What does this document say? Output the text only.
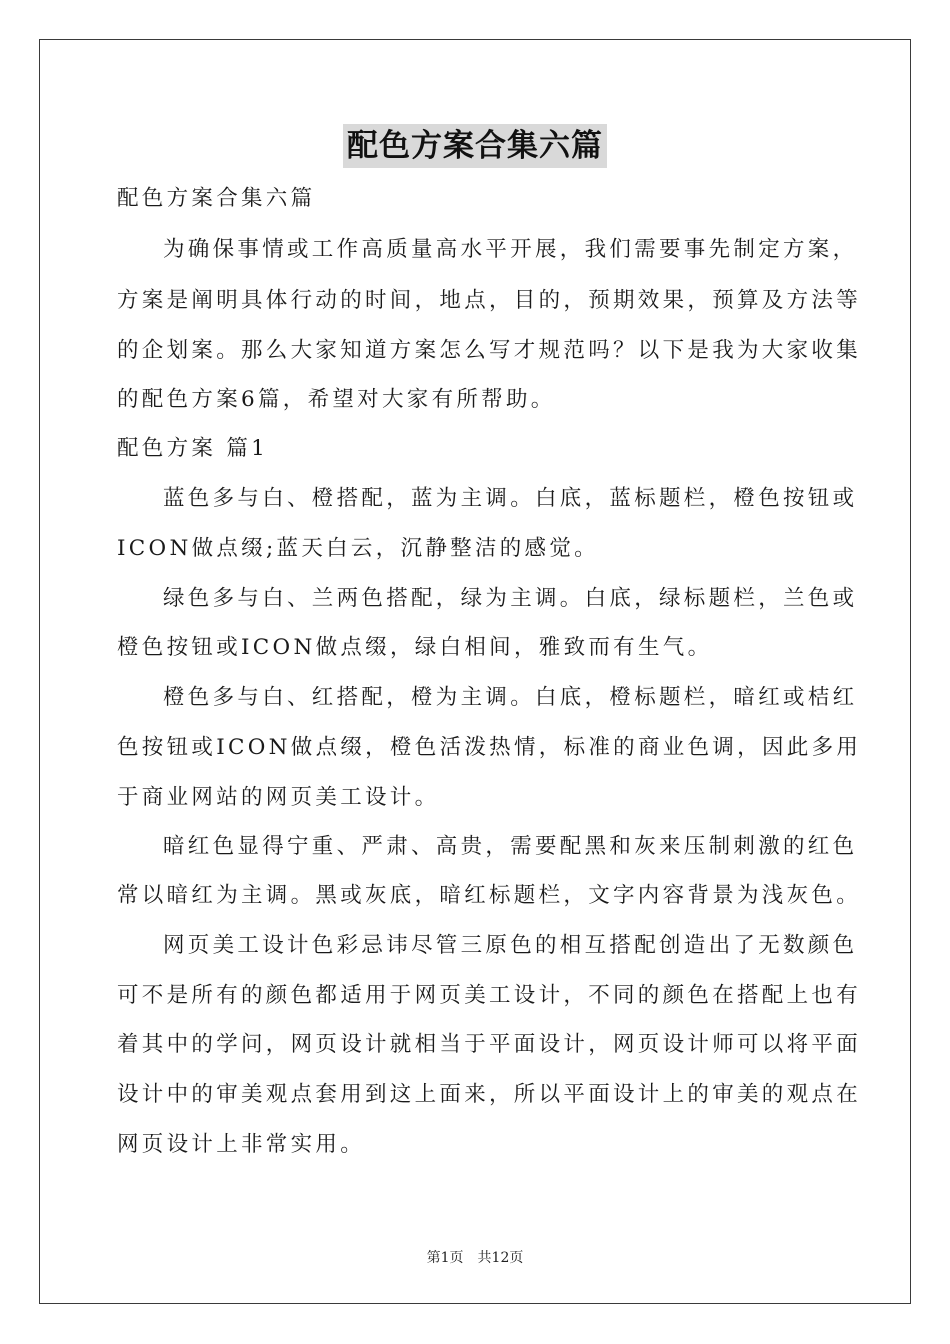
配色方案合集六篇
配色方案合集六篇
为确保事情或工作高质量高水平开展，我们需要事先制定方案，
方案是阐明具体行动的时间，地点，目的，预期效果，预算及方法等
的企划案。那么大家知道方案怎么写才规范吗？以下是我为大家收集
的配色方案6篇，希望对大家有所帮助。
配色方案 篇1
蓝色多与白、橙搭配，蓝为主调。白底，蓝标题栏，橙色按钮或
ICON做点缀;蓝天白云，沉静整洁的感觉。
绿色多与白、兰两色搭配，绿为主调。白底，绿标题栏，兰色或
橙色按钮或ICON做点缀，绿白相间，雅致而有生气。
橙色多与白、红搭配，橙为主调。白底，橙标题栏，暗红或桔红
色按钮或ICON做点缀，橙色活泼热情，标准的商业色调，因此多用
于商业网站的网页美工设计。
暗红色显得宁重、严肃、高贵，需要配黑和灰来压制刺激的红色
常以暗红为主调。黑或灰底，暗红标题栏，文字内容背景为浅灰色。
网页美工设计色彩忌讳尽管三原色的相互搭配创造出了无数颜色
可不是所有的颜色都适用于网页美工设计，不同的颜色在搭配上也有
着其中的学问，网页设计就相当于平面设计，网页设计师可以将平面
设计中的审美观点套用到这上面来，所以平面设计上的审美的观点在
网页设计上非常实用。
第1页 共12页
